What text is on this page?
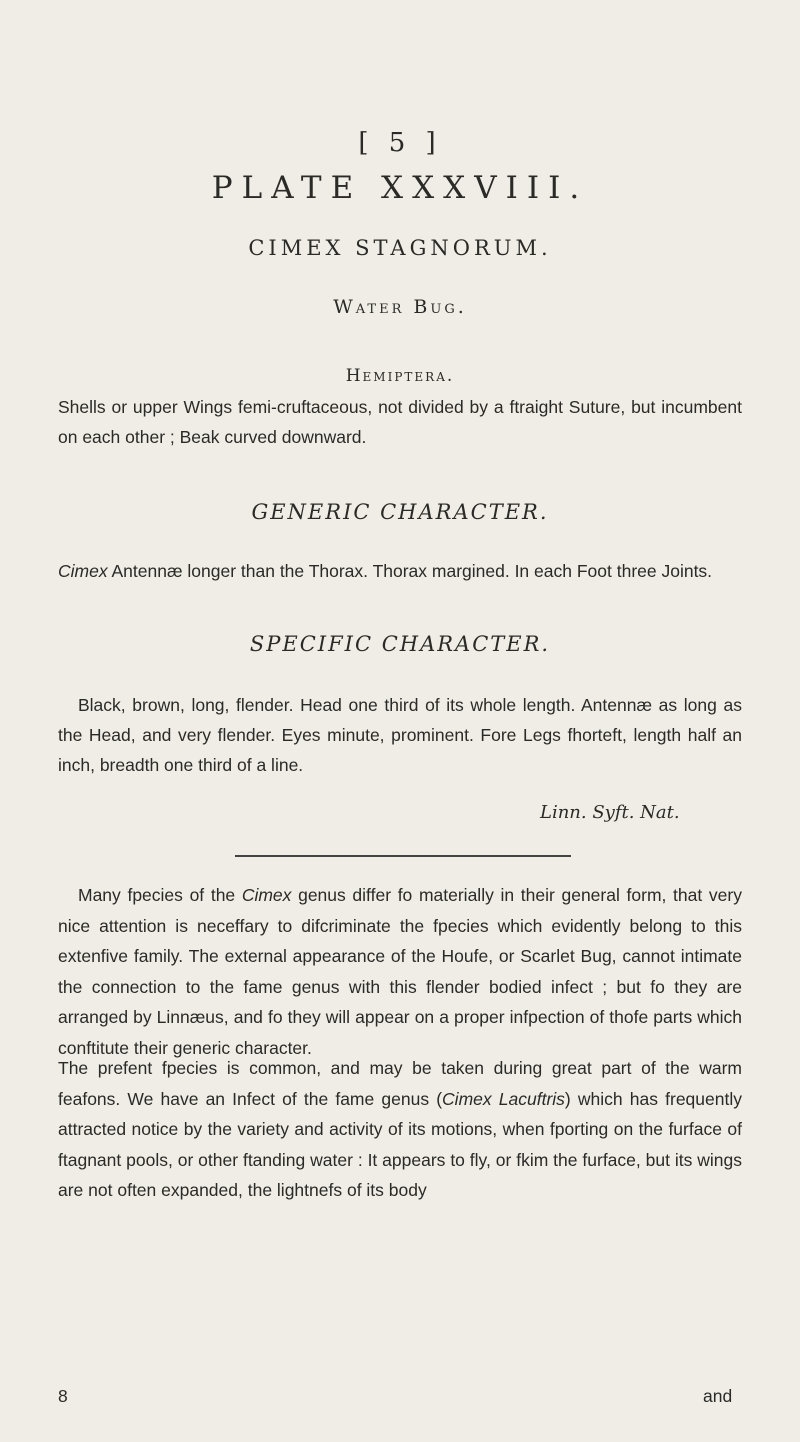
[ 5 ]
PLATE XXXVIII.
CIMEX STAGNORUM.
Water Bug.
Hemiptera.

Shells or upper Wings femi-cruftaceous, not divided by a ftraight Suture, but incumbent on each other ; Beak curved downward.

GENERIC CHARACTER.

Cimex Antennæ longer than the Thorax. Thorax margined. In each Foot three Joints.

SPECIFIC CHARACTER.

Black, brown, long, flender. Head one third of its whole length. Antennæ as long as the Head, and very flender. Eyes minute, prominent. Fore Legs fhorteft, length half an inch, breadth one third of a line.

Linn. Syft. Nat.

Many fpecies of the Cimex genus differ fo materially in their general form, that very nice attention is neceffary to difcriminate the fpecies which evidently belong to this extenfive family. The external appearance of the Houfe, or Scarlet Bug, cannot intimate the connection to the fame genus with this flender bodied infect ; but fo they are arranged by Linnæus, and fo they will appear on a proper infpection of thofe parts which conftitute their generic character.

The prefent fpecies is common, and may be taken during great part of the warm feafons. We have an Infect of the fame genus (Cimex Lacuftris) which has frequently attracted notice by the variety and activity of its motions, when fporting on the furface of ftagnant pools, or other ftanding water : It appears to fly, or fkim the furface, but its wings are not often expanded, the lightnefs of its body

8	and
